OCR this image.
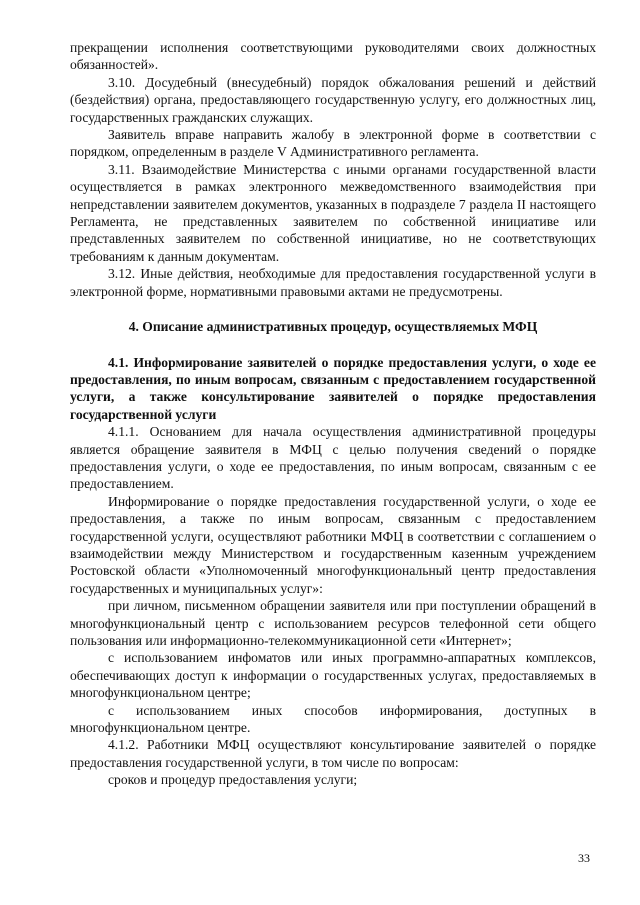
прекращении исполнения соответствующими руководителями своих должностных обязанностей».

3.10. Досудебный (внесудебный) порядок обжалования решений и действий (бездействия) органа, предоставляющего государственную услугу, его должностных лиц, государственных гражданских служащих.

Заявитель вправе направить жалобу в электронной форме в соответствии с порядком, определенным в разделе V Административного регламента.

3.11. Взаимодействие Министерства с иными органами государственной власти осуществляется в рамках электронного межведомственного взаимодействия при непредставлении заявителем документов, указанных в подразделе 7 раздела II настоящего Регламента, не представленных заявителем по собственной инициативе или представленных заявителем по собственной инициативе, но не соответствующих требованиям к данным документам.

3.12. Иные действия, необходимые для предоставления государственной услуги в электронной форме, нормативными правовыми актами не предусмотрены.

4. Описание административных процедур, осуществляемых МФЦ

4.1. Информирование заявителей о порядке предоставления услуги, о ходе ее предоставления, по иным вопросам, связанным с предоставлением государственной услуги, а также консультирование заявителей о порядке предоставления государственной услуги

4.1.1. Основанием для начала осуществления административной процедуры является обращение заявителя в МФЦ с целью получения сведений о порядке предоставления услуги, о ходе ее предоставления, по иным вопросам, связанным с ее предоставлением.

Информирование о порядке предоставления государственной услуги, о ходе ее предоставления, а также по иным вопросам, связанным с предоставлением государственной услуги, осуществляют работники МФЦ в соответствии с соглашением о взаимодействии между Министерством и государственным казенным учреждением Ростовской области «Уполномоченный многофункциональный центр предоставления государственных и муниципальных услуг»:

при личном, письменном обращении заявителя или при поступлении обращений в многофункциональный центр с использованием ресурсов телефонной сети общего пользования или информационно-телекоммуникационной сети «Интернет»;

с использованием инфоматов или иных программно-аппаратных комплексов, обеспечивающих доступ к информации о государственных услугах, предоставляемых в многофункциональном центре;

с использованием иных способов информирования, доступных в многофункциональном центре.

4.1.2. Работники МФЦ осуществляют консультирование заявителей о порядке предоставления государственной услуги, в том числе по вопросам:

сроков и процедур предоставления услуги;

33
